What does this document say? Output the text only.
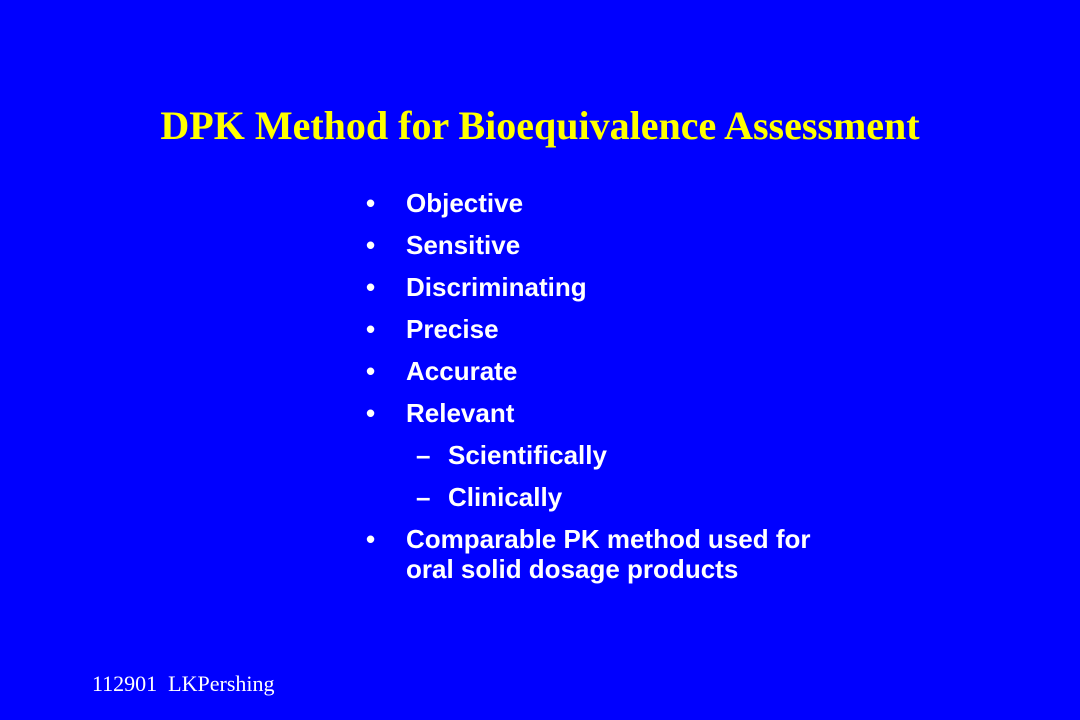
DPK Method for Bioequivalence Assessment
•	Objective
•	Sensitive
•	Discriminating
•	Precise
•	Accurate
•	Relevant
– Scientifically
– Clinically
•	Comparable PK method used for oral solid dosage products
112901  LKPershing
